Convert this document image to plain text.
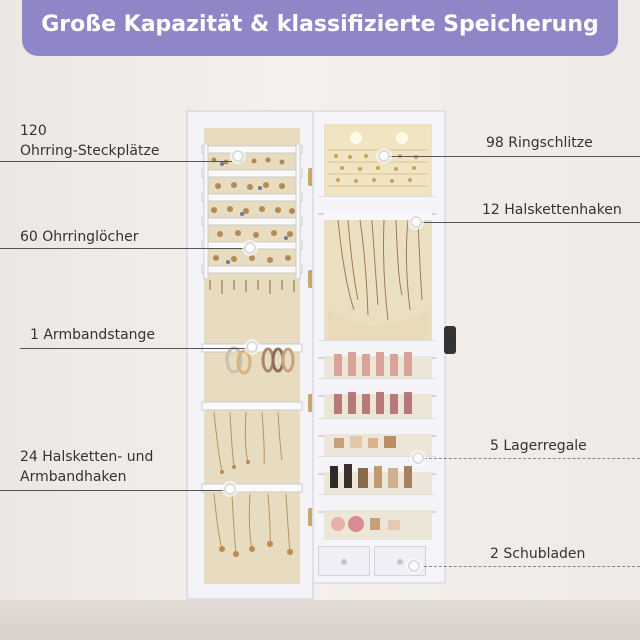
Große Kapazität & klassifizierte Speicherung
120
Ohrring-Steckplätze
60 Ohrringlöcher
1 Armbandstange
24 Halsketten- und
Armbandhaken
98 Ringschlitze
12 Halskettenhaken
5 Lagerregale
2 Schubladen
